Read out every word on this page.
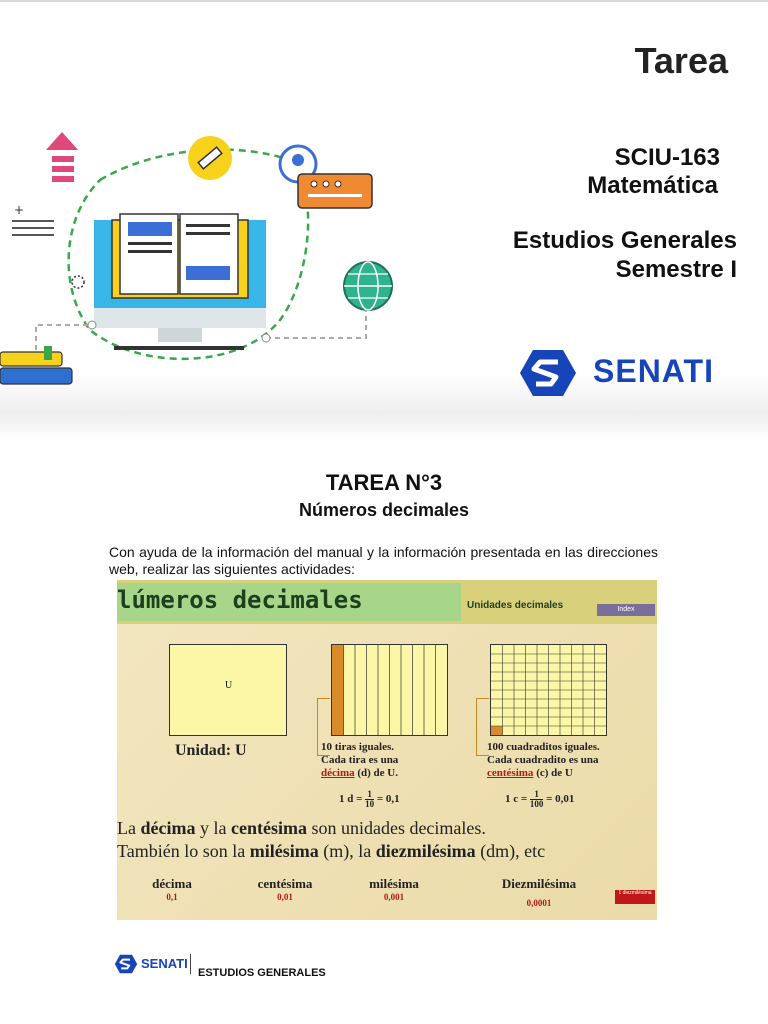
Tarea
+
SCIU-163
Matemática
Estudios Generales
Semestre I
SENATI
TAREA N°3
Números decimales
Con ayuda de la información del manual y la información presentada en las direcciones web, realizar las siguientes actividades:
lúmeros decimales	Unidades decimales	Index
U
Unidad: U	10 tiras iguales.
Cada tira es una
décima (d) de U.
1 $d = \frac{1}{10} = 0,1$
100 cuadraditos iguales.
Cada cuadradito es una
centésima (c) de U
1 $c = \frac{1}{100} = 0,01$
La décima y la centésima son unidades decimales.
También lo son la milésima (m), la diezmilésima (dm), etc
décima
0,1
centésima
0,01
milésima
0,001
Diezmilésima
0,0001
1 diezmilésima
SENATI
ESTUDIOS GENERALES
